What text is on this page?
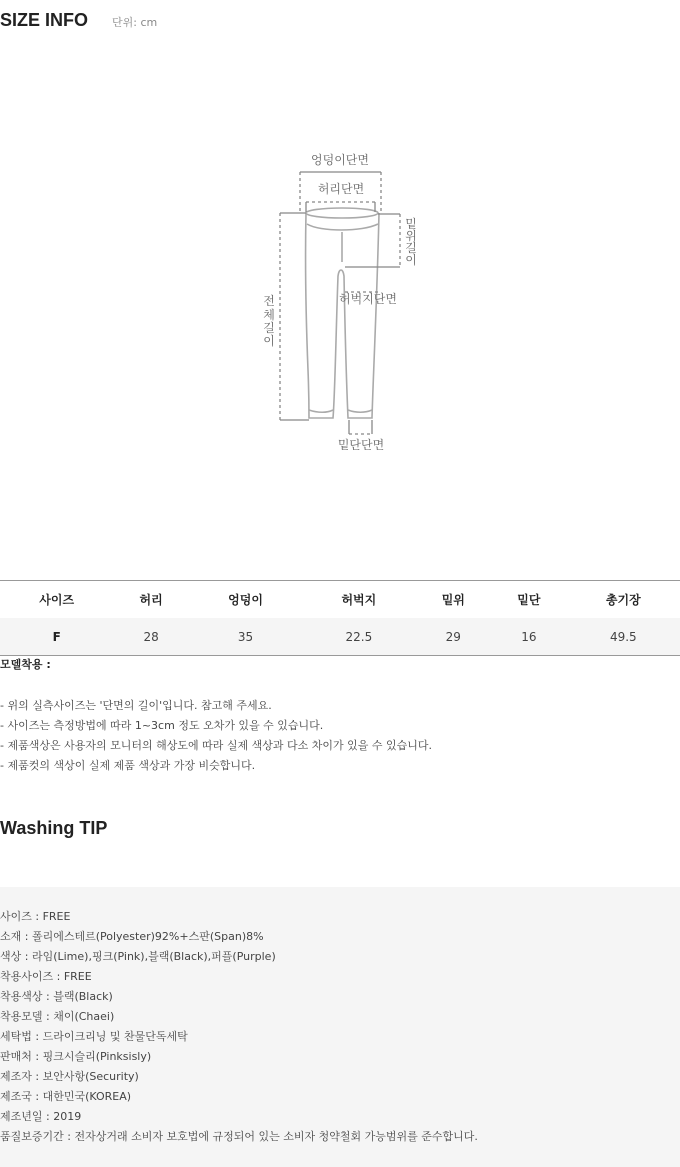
SIZE INFO 단위: cm
엉덩이단면
허리단면
밑
위
길
이
전
체
길
이
허벅지단면
밑단단면
사이즈	허리	엉덩이	허벅지	밑위	밑단	총기장
F	28	35	22.5	29	16	49.5
모델착용 :
- 위의 실측사이즈는 '단면의 길이'입니다. 참고해 주세요.
- 사이즈는 측정방법에 따라 1~3cm 정도 오차가 있을 수 있습니다.
- 제품색상은 사용자의 모니터의 해상도에 따라 실제 색상과 다소 차이가 있을 수 있습니다.
- 제품컷의 색상이 실제 제품 색상과 가장 비슷합니다.
Washing TIP
사이즈 : FREE
소재 : 폴리에스테르(Polyester)92%+스판(Span)8%
색상 : 라임(Lime),핑크(Pink),블랙(Black),퍼플(Purple)
착용사이즈 : FREE
착용색상 : 블랙(Black)
착용모델 : 채이(Chaei)
세탁법 : 드라이크리닝 및 찬물단독세탁
판매처 : 핑크시슬리(Pinksisly)
제조자 : 보안사항(Security)
제조국 : 대한민국(KOREA)
제조년일 : 2019
품질보증기간 : 전자상거래 소비자 보호법에 규정되어 있는 소비자 청약철회 가능범위를 준수합니다.
